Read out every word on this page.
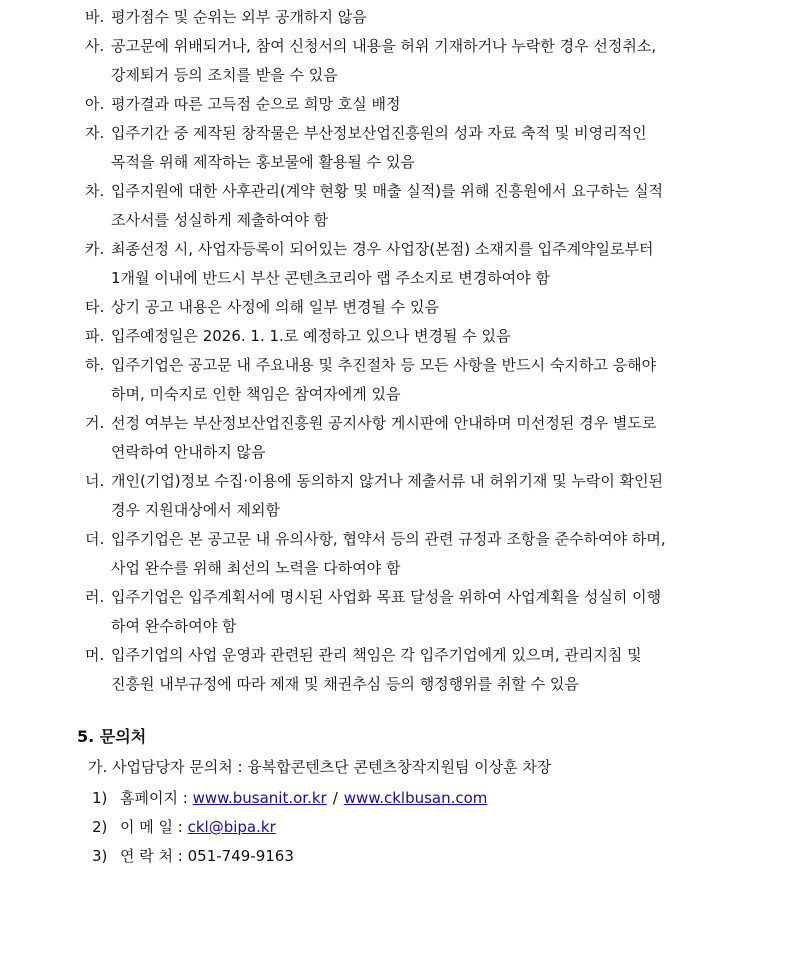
바. 평가점수 및 순위는 외부 공개하지 않음
사. 공고문에 위배되거나, 참여 신청서의 내용을 허위 기재하거나 누락한 경우 선정취소,
강제퇴거 등의 조치를 받을 수 있음
아. 평가결과 따른 고득점 순으로 희망 호실 배정
자. 입주기간 중 제작된 창작물은 부산정보산업진흥원의 성과 자료 축적 및 비영리적인
목적을 위해 제작하는 홍보물에 활용될 수 있음
차. 입주지원에 대한 사후관리(계약 현황 및 매출 실적)를 위해 진흥원에서 요구하는 실적
조사서를 성실하게 제출하여야 함
카. 최종선정 시, 사업자등록이 되어있는 경우 사업장(본점) 소재지를 입주계약일로부터
1개월 이내에 반드시 부산 콘텐츠코리아 랩 주소지로 변경하여야 함
타. 상기 공고 내용은 사정에 의해 일부 변경될 수 있음
파. 입주예정일은 2026. 1. 1.로 예정하고 있으나 변경될 수 있음
하. 입주기업은 공고문 내 주요내용 및 추진절차 등 모든 사항을 반드시 숙지하고 응해야
하며, 미숙지로 인한 책임은 참여자에게 있음
거. 선정 여부는 부산정보산업진흥원 공지사항 게시판에 안내하며 미선정된 경우 별도로
연락하여 안내하지 않음
너. 개인(기업)정보 수집·이용에 동의하지 않거나 제출서류 내 허위기재 및 누락이 확인된
경우 지원대상에서 제외함
더. 입주기업은 본 공고문 내 유의사항, 협약서 등의 관련 규정과 조항을 준수하여야 하며,
사업 완수를 위해 최선의 노력을 다하여야 함
러. 입주기업은 입주계획서에 명시된 사업화 목표 달성을 위하여 사업계획을 성실히 이행
하여 완수하여야 함
머. 입주기업의 사업 운영과 관련된 관리 책임은 각 입주기업에게 있으며, 관리지침 및
진흥원 내부규정에 따라 제재 및 채권추심 등의 행정행위를 취할 수 있음
5. 문의처
가. 사업담당자 문의처 : 융복합콘텐츠단 콘텐츠창작지원팀 이상훈 차장
1) 홈페이지 : www.busanit.or.kr / www.cklbusan.com
2) 이 메 일 : ckl@bipa.kr
3) 연 락 처 : 051-749-9163
